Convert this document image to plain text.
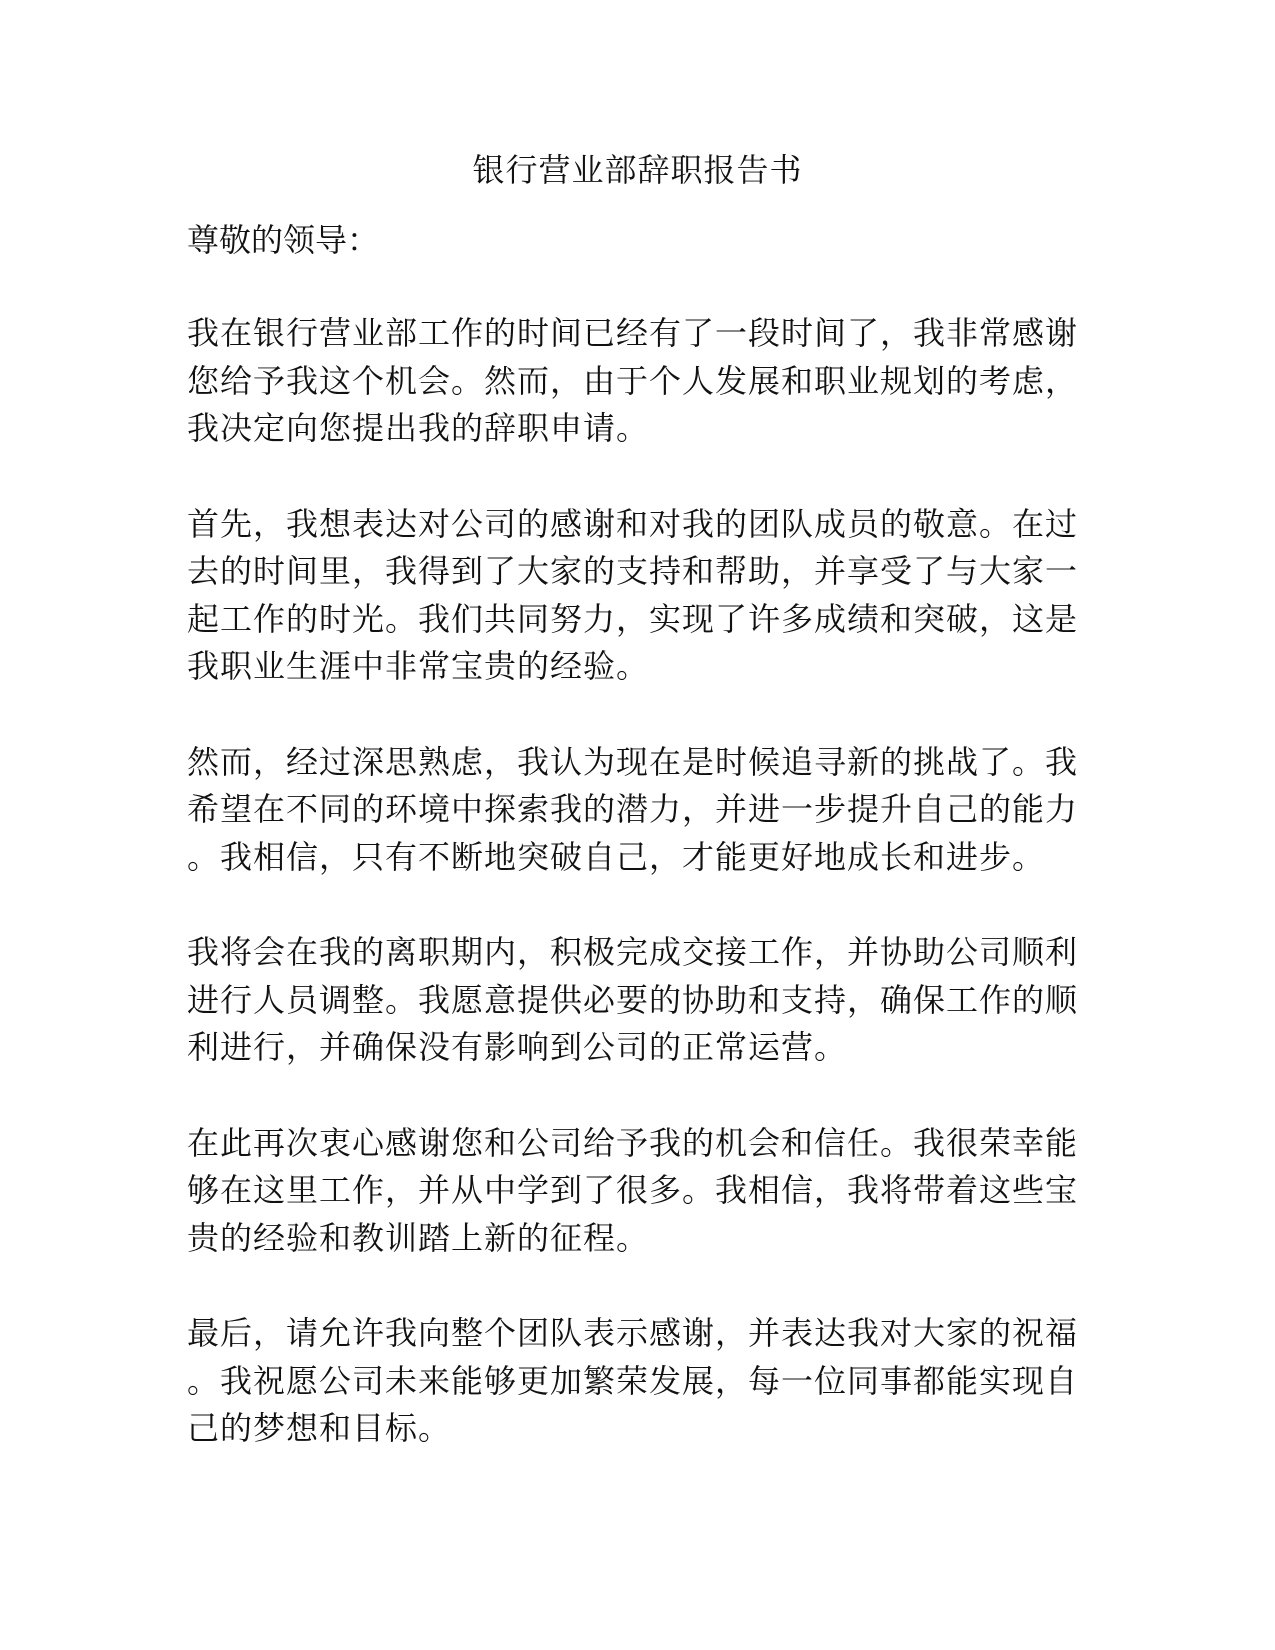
银行营业部辞职报告书

尊敬的领导：

我在银行营业部工作的时间已经有了一段时间了，我非常感谢
您给予我这个机会。然而，由于个人发展和职业规划的考虑，
我决定向您提出我的辞职申请。

首先，我想表达对公司的感谢和对我的团队成员的敬意。在过
去的时间里，我得到了大家的支持和帮助，并享受了与大家一
起工作的时光。我们共同努力，实现了许多成绩和突破，这是
我职业生涯中非常宝贵的经验。

然而，经过深思熟虑，我认为现在是时候追寻新的挑战了。我
希望在不同的环境中探索我的潜力，并进一步提升自己的能力
。我相信，只有不断地突破自己，才能更好地成长和进步。

我将会在我的离职期内，积极完成交接工作，并协助公司顺利
进行人员调整。我愿意提供必要的协助和支持，确保工作的顺
利进行，并确保没有影响到公司的正常运营。

在此再次衷心感谢您和公司给予我的机会和信任。我很荣幸能
够在这里工作，并从中学到了很多。我相信，我将带着这些宝
贵的经验和教训踏上新的征程。

最后，请允许我向整个团队表示感谢，并表达我对大家的祝福
。我祝愿公司未来能够更加繁荣发展，每一位同事都能实现自
己的梦想和目标。
